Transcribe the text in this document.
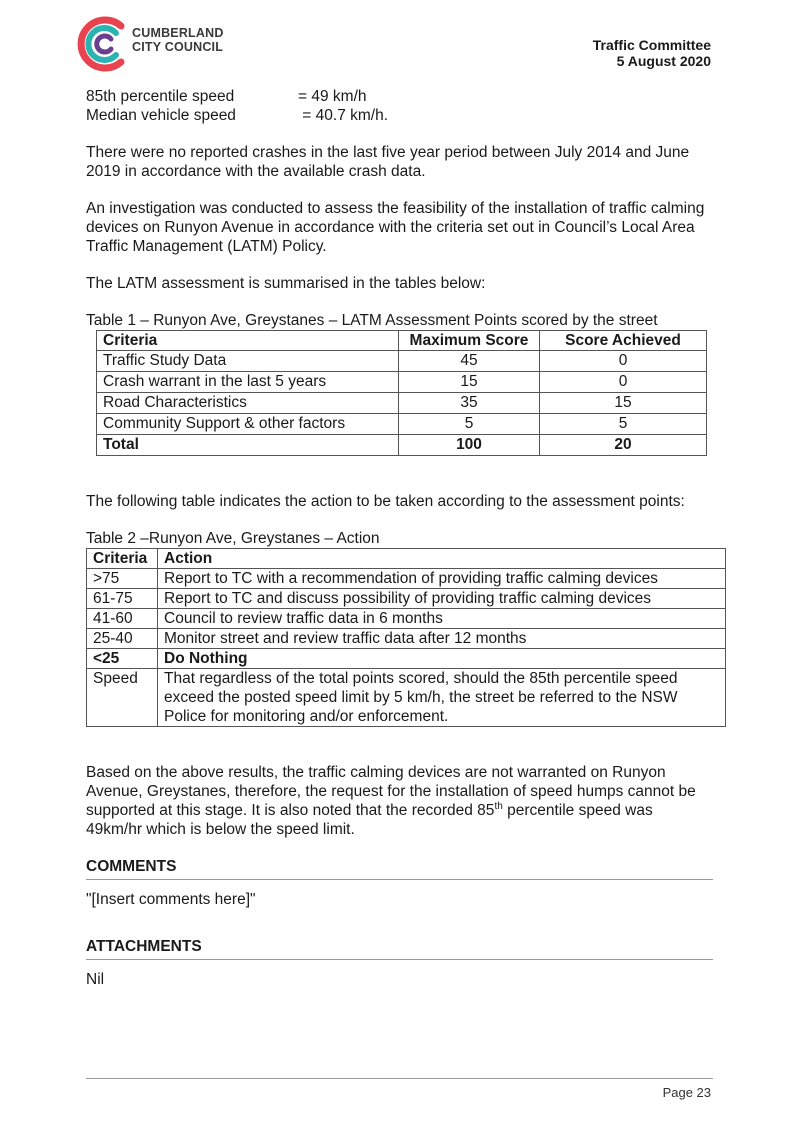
CUMBERLAND
CITY COUNCIL	Traffic Committee
5 August 2020
85th percentile speed	= 49 km/h
Median vehicle speed	= 40.7 km/h.

There were no reported crashes in the last five year period between July 2014 and June 2019 in accordance with the available crash data.

An investigation was conducted to assess the feasibility of the installation of traffic calming devices on Runyon Avenue in accordance with the criteria set out in Council’s Local Area Traffic Management (LATM) Policy.

The LATM assessment is summarised in the tables below:

Table 1 – Runyon Ave, Greystanes – LATM Assessment Points scored by the street

Criteria	Maximum Score	Score Achieved
Traffic Study Data	45	0
Crash warrant in the last 5 years	15	0
Road Characteristics	35	15
Community Support & other factors	5	5
Total	100	20

The following table indicates the action to be taken according to the assessment points:

Table 2 –Runyon Ave, Greystanes – Action

Criteria	Action
>75	Report to TC with a recommendation of providing traffic calming devices
61-75	Report to TC and discuss possibility of providing traffic calming devices
41-60	Council to review traffic data in 6 months
25-40	Monitor street and review traffic data after 12 months
<25	Do Nothing
Speed	That regardless of the total points scored, should the 85th percentile speed exceed the posted speed limit by 5 km/h, the street be referred to the NSW Police for monitoring and/or enforcement.

Based on the above results, the traffic calming devices are not warranted on Runyon Avenue, Greystanes, therefore, the request for the installation of speed humps cannot be supported at this stage. It is also noted that the recorded 85th percentile speed was 49km/hr which is below the speed limit.

COMMENTS

"[Insert comments here]"

ATTACHMENTS

Nil

Page 23
